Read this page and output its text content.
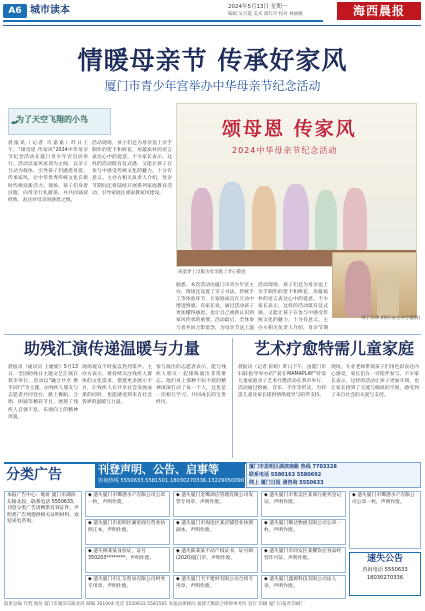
A6 城市读本	2024年5月13日 星期一
编辑 吴月霞 美术 郑红玲 校对 林丽娜	海西晨报
情暖母亲节 传承好家风
厦门市青少年宫举办中华母亲节纪念活动
为了天空飞翔的小鸟
晨报讯（记者 许嘉嘉）昨日上午，"颂母恩 传家风"2024中华母亲节纪念活动在厦门青少年宫启动举行。活动以家风家训为主线，以亲子互动为载体，引导孩子们感恩母爱、传承家风，让中华优秀传统文化在新时代焕发新活力。现场，孩子们身着汉服，向母亲行礼献茶，并共同诵读经典，表达对母亲的感恩之情。
活动现场，孩子们还为母亲送上亲手制作的贺卡和鲜花，用最质朴的语言表达心中的爱意。不少家长表示，这样的活动既有仪式感，又能让孩子在参与中感受传统文化的魅力，十分有意义。主办方相关负责人介绍，母亲节期间还将陆续开展系列家庭教育活动，引导家庭注重家教家风建设。
颂母恩 传家风
2024中华母亲节纪念活动
孩童穿上汉服为母亲献上孝心敬意
母子互动 (图片由主办方提供)
据悉，本次活动由厦门市青少年宫主办，现场还设置了亲子书法、传统手工等体验环节，让家庭成员在互动中增进情感。有家长说，通过活动孩子更加懂得感恩，也让自己重新认识到家风传承的重要。活动最后，全体参与者共同合影留念，为母亲节送上温
活动现场，孩子们还为母亲送上亲手制作的贺卡和鲜花，用最质朴的语言表达心中的爱意。不少家长表示，这样的活动既有仪式感，又能让孩子在参与中感受传统文化的魅力，十分有意义。主办方相关负责人介绍，母亲节期
助残汇演传递温暖与力量
晨报讯（通讯员 王婕妮）5月13日，全国助残日主题文艺汇演在我市举行。活动以"融合共享 携手同行"为主题，由残疾人朋友与志愿者共同登台，献上舞蹈、合唱、朗诵等精彩节目，展现了残疾人自强不息、乐观向上的精神风貌。
现场观众不时报以热烈掌声。主办方表示，将持续关注残疾人群体的文化需求，搭建更多展示平台，让残疾人在共享社会发展成果的同时，也能感受到来自社会各界的温暖与力量。
参与演出的志愿者表示，能与残疾人朋友一起排练演出非常难忘。他们身上那种不屈不挠的精神深深打动了每一个人，这也是一次相互学习、共同成长的宝贵经历。
艺术疗愈特需儿童家庭
晨报讯（记者 崔娟）昨日下午，由厦门市妇联指导举办的"爱在MAMAPLAY"特需儿童家庭亲子艺术疗愈活动在我市举行，活动通过绘画、音乐、手作等形式，为特需儿童及家长提供情绪疏导与陪伴支持。
现场，专业老师带领孩子们用色彩表达内心感受，家长们在一旁陪伴参与。不少家长表示，这样的活动让孩子更加开朗，也让家长找到了交流与倾诉的空间，感受到了来自社会的关爱与支持。
分类广告	刊登声明、公告、启事等
咨询热线 5550633.5581501.18030270336.13229050090
厦门市思明区湖滨南路 热线 7703328
联系电话 5580163 5580692
网上 厦门日报 请咨询 5550633
本报广告中心：地址 厦门市湖滨东路北段，联系电话 5550633，刊登分类广告请携带有效证件，声明类广告须提供相关证明材料。欢迎来电咨询。
◆ 遗失厦门市鹭港水产有限公司公章一枚，声明作废。
◆ 遗失厦门市思明区湖里商行营业执照正本，声明作废。
◆ 遗失林某某身份证，证号350203********，声明作废。
◆ 遗失厦门市汇友贸易有限公司财务专用章，声明作废。
◆ 遗失厦门金鹭酒店管理有限公司发票专用章，声明作废。
◆ 遗失厦门市海沧区某店铺营业执照副本，声明作废。
◆ 遗失陈某某不动产权证书，证号闽(2020)厦门市，声明作废。
◆ 遗失厦门天宇建材有限公司合同专用章，声明作废。
◆ 遗失厦门市集美区某商行税务登记证，声明作废。
◆ 遗失厦门顺达物流有限公司公章一枚，声明作废。
◆ 遗失厦门市同安区某餐饮店食品经营许可证，声明作废。
◆ 遗失厦门鑫源科技有限公司法人章，声明作废。
◆ 遗失厦门市鹭港水产有限公司公章一枚，声明作废。
速失公告
咨询电话 5550633 18030270336
值班总编 许凯 地址 厦门市湖滨东路北段 邮编 361004 电话 5550633 5581501 本报法律顾问 福建天衡联合律师事务所 发行 印刷 厦门日报社印刷厂
